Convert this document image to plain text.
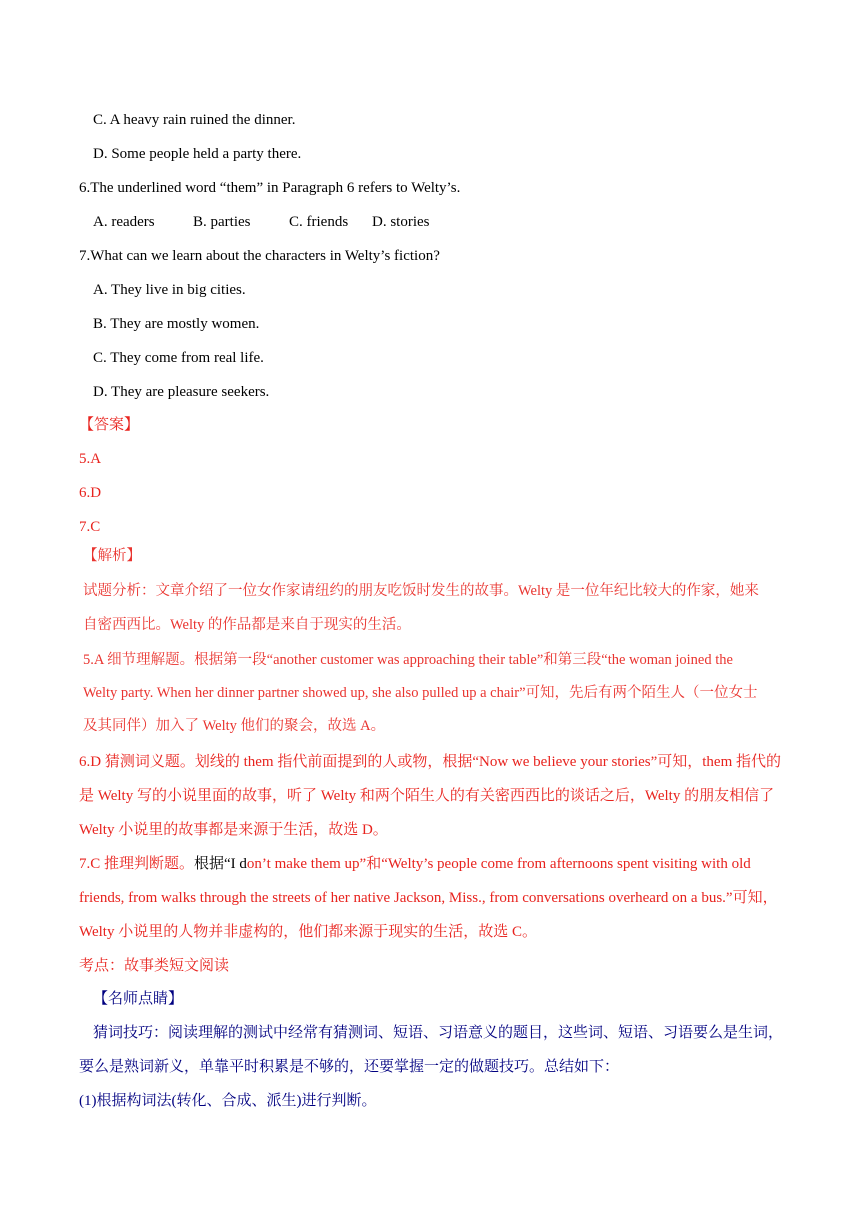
C. A heavy rain ruined the dinner.
D. Some people held a party there.
6.The underlined word “them” in Paragraph 6 refers to Welty’s.
A. readers	B. parties	C. friends D. stories
7.What can we learn about the characters in Welty’s fiction?
A. They live in big cities.
B. They are mostly women.
C. They come from real life.
D. They are pleasure seekers.
【答案】
5.A
6.D
7.C
【解析】
试题分析：文章介绍了一位女作家请纽约的朋友吃饭时发生的故事。Welty 是一位年纪比较大的作家，她来
自密西西比。Welty 的作品都是来自于现实的生活。
5.A 细节理解题。根据第一段“another customer was approaching their table”和第三段“the woman joined the
Welty party. When her dinner partner showed up, she also pulled up a chair”可知，先后有两个陌生人（一位女士
及其同伴）加入了 Welty 他们的聚会，故选 A。
6.D 猜测词义题。划线的 them 指代前面提到的人或物，根据“Now we believe your stories”可知，them 指代的
是 Welty 写的小说里面的故事，听了 Welty 和两个陌生人的有关密西西比的谈话之后，Welty 的朋友相信了
Welty 小说里的故事都是来源于生活，故选 D。
7.C 推理判断题。根据“I don’t make them up”和“Welty’s people come from afternoons spent visiting with old
friends, from walks through the streets of her native Jackson, Miss., from conversations overheard on a bus.”可知，
Welty 小说里的人物并非虚构的，他们都来源于现实的生活，故选 C。
考点：故事类短文阅读
【名师点睛】
猜词技巧：阅读理解的测试中经常有猜测词、短语、习语意义的题目，这些词、短语、习语要么是生词，
要么是熟词新义，单靠平时积累是不够的，还要掌握一定的做题技巧。总结如下：
(1)根据构词法(转化、合成、派生)进行判断。
